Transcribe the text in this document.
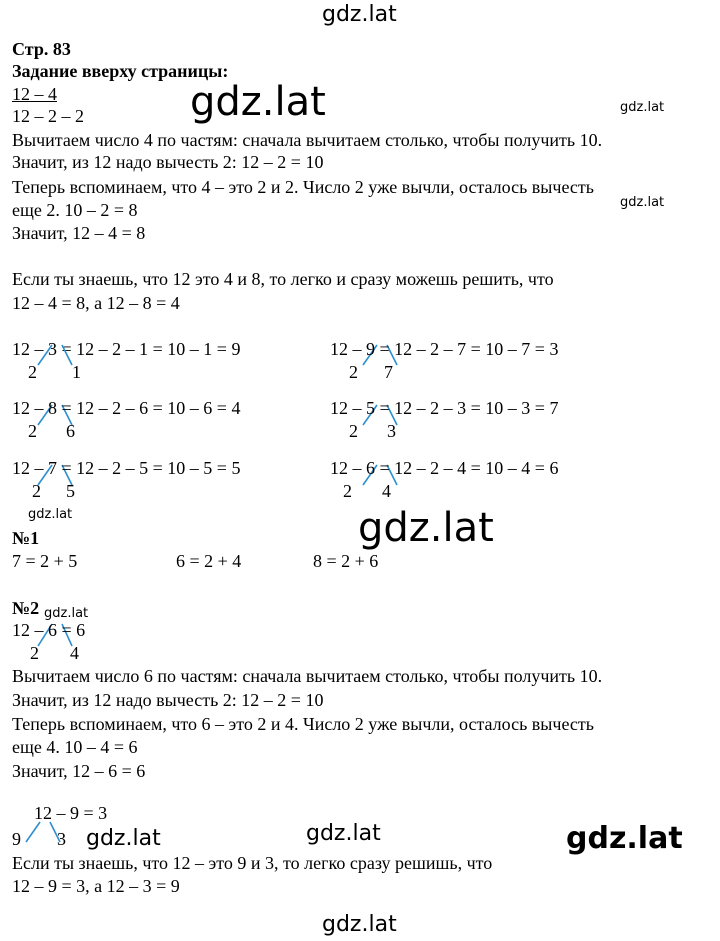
gdz.lat
gdz.lat	gdz.lat
gdz.lat
gdz.lat	gdz.lat
gdz.lat
gdz.lat	gdz.lat	gdz.lat
gdz.lat
Стр. 83
Задание вверху страницы:
12 – 4
12 – 2 – 2
Вычитаем число 4 по частям: сначала вычитаем столько, чтобы получить 10.
Значит, из 12 надо вычесть 2: 12 – 2 = 10
Теперь вспоминаем, что 4 – это 2 и 2. Число 2 уже вычли, осталось вычесть
еще 2. 10 – 2 = 8
Значит, 12 – 4 = 8
Если ты знаешь, что 12 это 4 и 8, то легко и сразу можешь решить, что
12 – 4 = 8, а 12 – 8 = 4
12 – 3 = 12 – 2 – 1 = 10 – 1 = 9
2 1
12 – 9 = 12 – 2 – 7 = 10 – 7 = 3
2 7
12 – 8 = 12 – 2 – 6 = 10 – 6 = 4
2 6
12 – 5 = 12 – 2 – 3 = 10 – 3 = 7
2 3
12 – 7 = 12 – 2 – 5 = 10 – 5 = 5
2 5
12 – 6 = 12 – 2 – 4 = 10 – 4 = 6
2 4
№1
7 = 2 + 5	6 = 2 + 4	8 = 2 + 6
№2
12 – 6 = 6
2 4
Вычитаем число 6 по частям: сначала вычитаем столько, чтобы получить 10.
Значит, из 12 надо вычесть 2: 12 – 2 = 10
Теперь вспоминаем, что 6 – это 2 и 4. Число 2 уже вычли, осталось вычесть
еще 4. 10 – 4 = 6
Значит, 12 – 6 = 6
12 – 9 = 3
9 3
Если ты знаешь, что 12 – это 9 и 3, то легко сразу решишь, что
12 – 9 = 3, а 12 – 3 = 9
